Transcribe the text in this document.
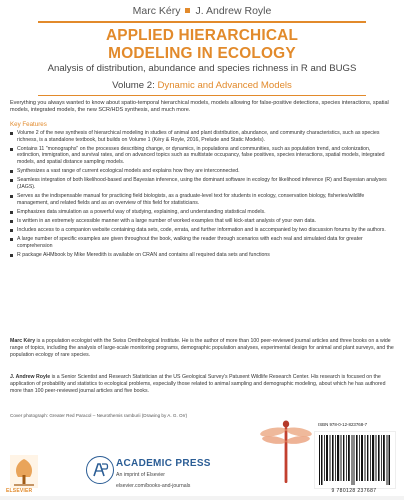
Marc Kéry J. Andrew Royle
APPLIED HIERARCHICAL
MODELING IN ECOLOGY
Analysis of distribution, abundance and species richness in R and BUGS
Volume 2: Dynamic and Advanced Models
Everything you always wanted to know about spatio-temporal hierarchical models, models allowing for false-positive detections, species interactions, spatial models, integrated models, the new SCR/HDS synthesis, and much more.
Key Features
Volume 2 of the new synthesis of hierarchical modeling in studies of animal and plant distribution, abundance, and community characteristics, such as species richness, is a standalone textbook, but builds on Volume 1 (Kéry & Royle, 2016, Prelude and Static Models).
Contains 11 "monographs" on the processes describing change, or dynamics, in populations and communities, such as population trend, and colonization, extinction, immigration, and survival rates, and on advanced topics such as multistate occupancy, false positives, species interactions, spatial models, integrated models, and spatial distance sampling models.
Synthesizes a vast range of current ecological models and explains how they are interconnected.
Seamless integration of both likelihood-based and Bayesian inference, using the dominant software in ecology for likelihood inference (R) and Bayesian analyses (JAGS).
Serves as the indispensable manual for practicing field biologists, as a graduate-level text for students in ecology, conservation biology, fisheries/wildlife management, and related fields and as an overview of this field for statisticians.
Emphasizes data simulation as a powerful way of studying, explaining, and understanding statistical models.
Is written in an extremely accessible manner with a large number of worked examples that will kick-start analysis of your own data.
Includes access to a companion website containing data sets, code, errata, and further information and is accompanied by two discussion forums by the authors.
A large number of specific examples are given throughout the book, walking the reader through scenarios with each real and simulated data for greater comprehension
R package AHMbook by Mike Meredith is available on CRAN and contains all required data sets and functions
Marc Kéry is a population ecologist with the Swiss Ornithological Institute. He is the author of more than 100 peer-reviewed journal articles and three books on a wide range of topics, including the analysis of large-scale monitoring programs, demographic population analyses, experimental design for animal and plant surveys, and the population ecology of rare species.
J. Andrew Royle is a Senior Scientist and Research Statistician at the US Geological Survey's Patuxent Wildlife Research Center. His research is focused on the application of probability and statistics to ecological problems, especially those related to animal sampling and demographic modeling, about which he has authored more than 100 peer-reviewed journal articles and five books.
Cover photograph: Greater Red Paracol – Neurothemis ramburii (Drawing by A. G. Orr)
ELSEVIER
ACADEMIC PRESS
An imprint of Elsevier
elsevier.com/books-and-journals
ISBN 978-0-12-823768-7
9 780128 237687
